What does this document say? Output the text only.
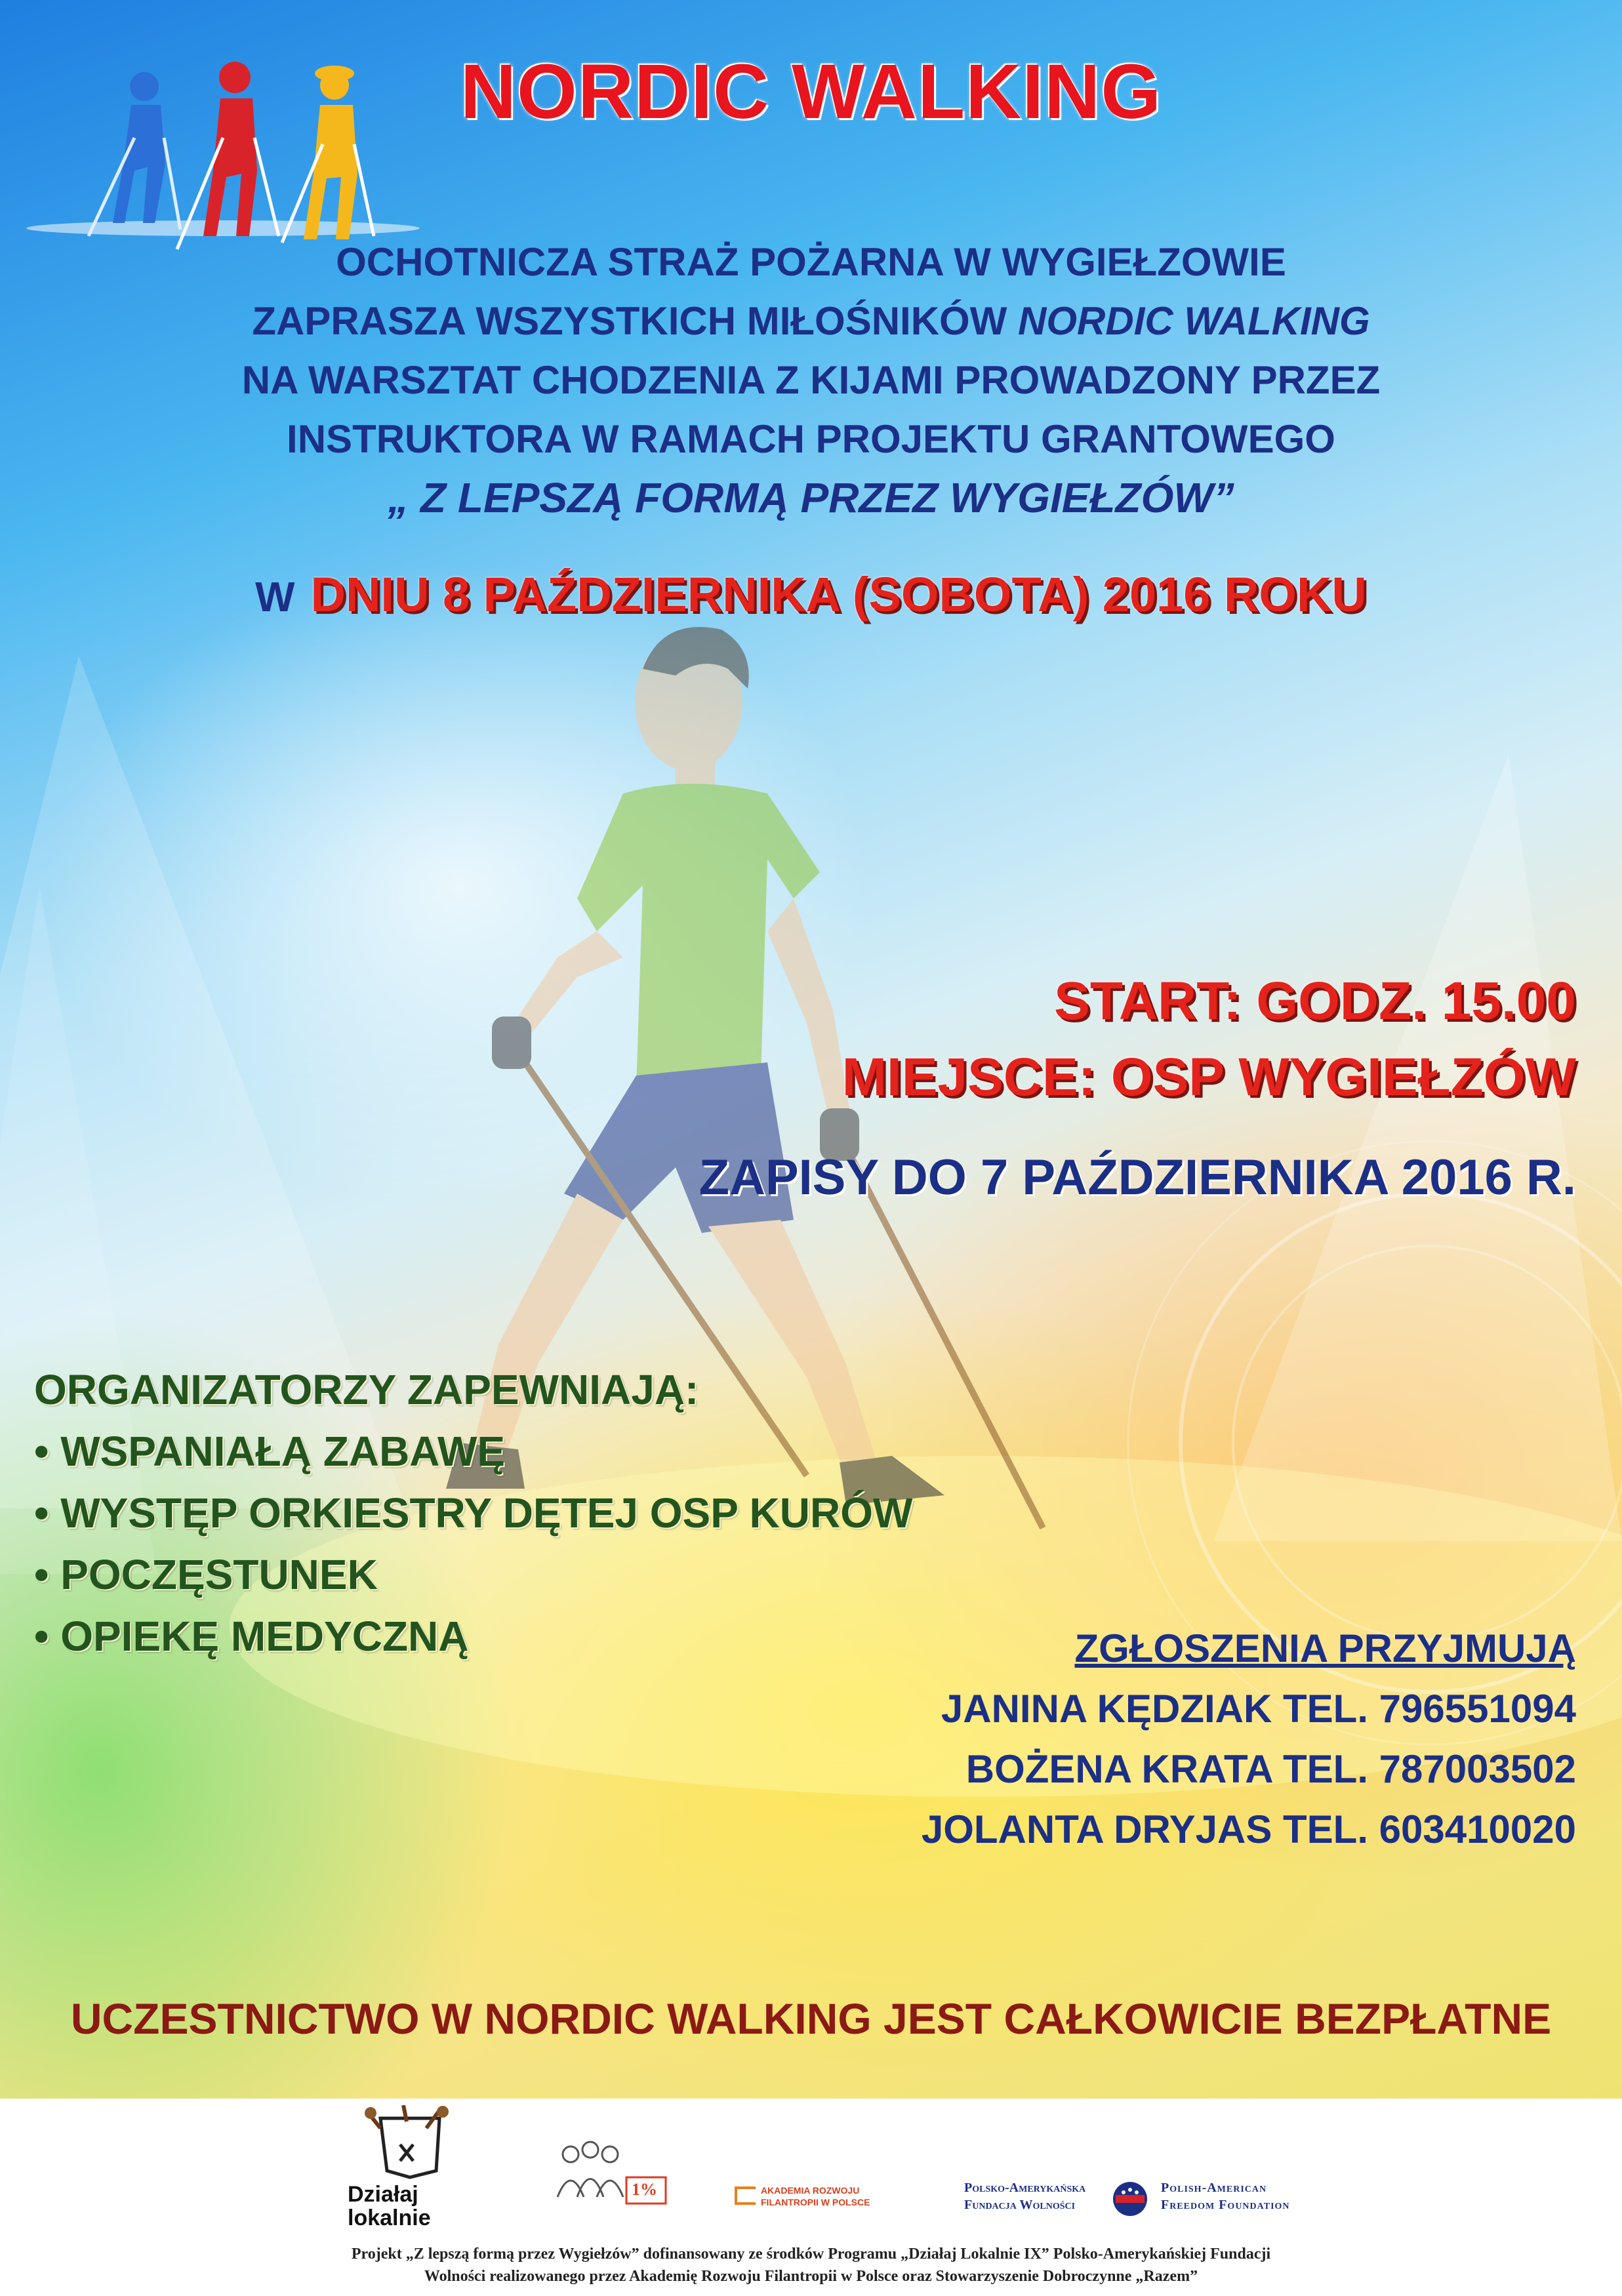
NORDIC WALKING
OCHOTNICZA STRAŻ POŻARNA W WYGIEŁZOWIE
ZAPRASZA WSZYSTKICH MIŁOŚNIKÓW NORDIC WALKING
NA WARSZTAT CHODZENIA Z KIJAMI PROWADZONY PRZEZ
INSTRUKTORA W RAMACH PROJEKTU GRANTOWEGO
„ Z LEPSZĄ FORMĄ PRZEZ WYGIEŁZÓW”
W DNIU 8 PAŹDZIERNIKA (SOBOTA) 2016 ROKU
START: GODZ. 15.00
MIEJSCE: OSP WYGIEŁZÓW
ZAPISY DO 7 PAŹDZIERNIKA 2016 R.
ORGANIZATORZY ZAPEWNIAJĄ:
• WSPANIAŁĄ ZABAWĘ
• WYSTĘP ORKIESTRY DĘTEJ OSP KURÓW
• POCZĘSTUNEK
• OPIEKĘ MEDYCZNĄ	ZGŁOSZENIA PRZYJMUJĄ
JANINA KĘDZIAK TEL. 796551094
BOŻENA KRATA TEL. 787003502
JOLANTA DRYJAS TEL. 603410020
UCZESTNICTWO W NORDIC WALKING JEST CAŁKOWICIE BEZPŁATNE
Działaj lokalnie
1%	AKADEMIA ROZWOJU
FILANTROPII W POLSCE
Polsko-Amerykańska
Fundacja Wolności
Polish-American
Freedom Foundation
Projekt „Z lepszą formą przez Wygiełzów” dofinansowany ze środków Programu „Działaj Lokalnie IX” Polsko-Amerykańskiej Fundacji
Wolności realizowanego przez Akademię Rozwoju Filantropii w Polsce oraz Stowarzyszenie Dobroczynne „Razem”
